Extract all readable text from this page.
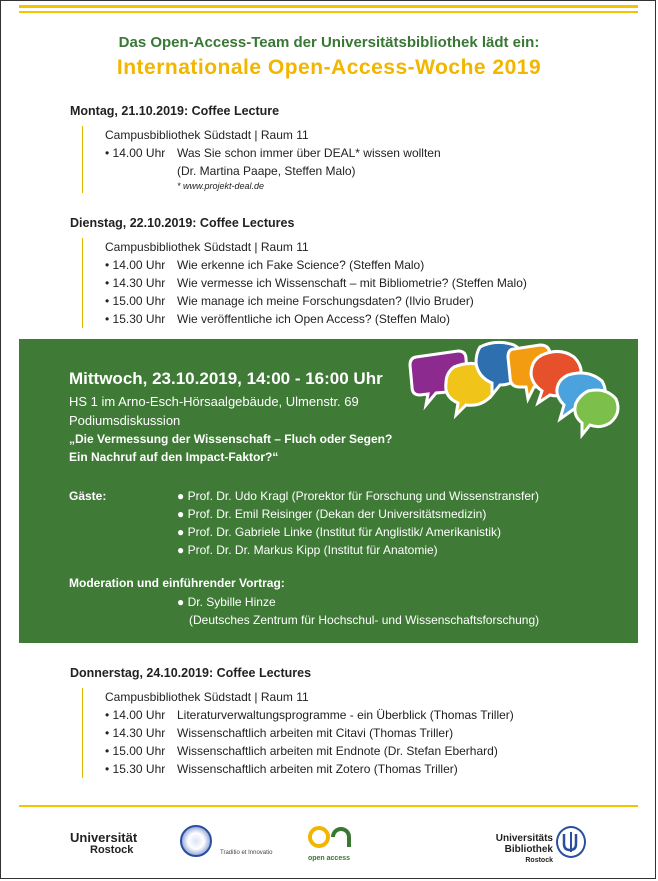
Das Open-Access-Team der Universitätsbibliothek lädt ein:
Internationale Open-Access-Woche 2019
Montag, 21.10.2019: Coffee Lecture
Campusbibliothek Südstadt | Raum 11
• 14.00 Uhr Was Sie schon immer über DEAL* wissen wollten
(Dr. Martina Paape, Steffen Malo)
* www.projekt-deal.de
Dienstag, 22.10.2019: Coffee Lectures
Campusbibliothek Südstadt | Raum 11
• 14.00 Uhr Wie erkenne ich Fake Science? (Steffen Malo)
• 14.30 Uhr Wie vermesse ich Wissenschaft – mit Bibliometrie? (Steffen Malo)
• 15.00 Uhr Wie manage ich meine Forschungsdaten? (Ilvio Bruder)
• 15.30 Uhr Wie veröffentliche ich Open Access? (Steffen Malo)
Mittwoch, 23.10.2019, 14:00 - 16:00 Uhr
HS 1 im Arno-Esch-Hörsaalgebäude, Ulmenstr. 69
Podiumsdiskussion
„Die Vermessung der Wissenschaft – Fluch oder Segen?
Ein Nachruf auf den Impact-Faktor?“
Gäste:	● Prof. Dr. Udo Kragl (Prorektor für Forschung und Wissenstransfer)
● Prof. Dr. Emil Reisinger (Dekan der Universitätsmedizin)
● Prof. Dr. Gabriele Linke (Institut für Anglistik/ Amerikanistik)
● Prof. Dr. Dr. Markus Kipp (Institut für Anatomie)
Moderation und einführender Vortrag:
● Dr. Sybille Hinze
(Deutsches Zentrum für Hochschul- und Wissenschaftsforschung)
Donnerstag, 24.10.2019: Coffee Lectures
Campusbibliothek Südstadt | Raum 11
• 14.00 Uhr Literaturverwaltungsprogramme - ein Überblick (Thomas Triller)
• 14.30 Uhr Wissenschaftlich arbeiten mit Citavi (Thomas Triller)
• 15.00 Uhr Wissenschaftlich arbeiten mit Endnote (Dr. Stefan Eberhard)
• 15.30 Uhr Wissenschaftlich arbeiten mit Zotero (Thomas Triller)
Universität
Rostock	Traditio et Innovatio
open access
Universitäts
Bibliothek
Rostock
